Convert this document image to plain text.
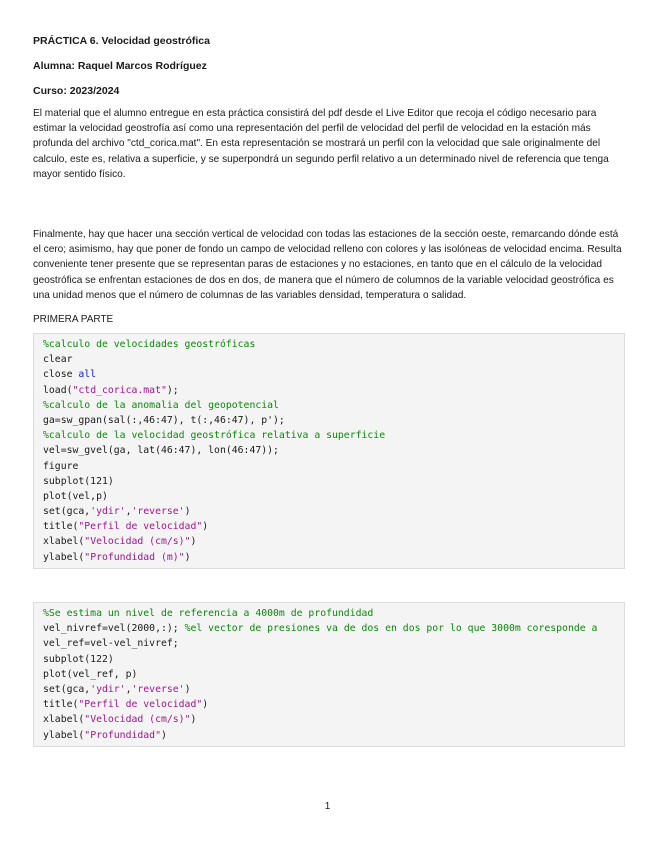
PRÁCTICA 6. Velocidad geostrófica
Alumna: Raquel Marcos Rodríguez
Curso: 2023/2024

El material que el alumno entregue en esta práctica consistirá del pdf desde el Live Editor que recoja el código necesario para estimar la velocidad geostrofía así como una representación del perfil de velocidad del perfil de velocidad en la estación más profunda del archivo "ctd_corica.mat". En esta representación se mostrará un perfil con la velocidad que sale originalmente del calculo, este es, relativa a superficie, y se superpondrá un segundo perfil relativo a un determinado nivel de referencia que tenga mayor sentido físico.

Finalmente, hay que hacer una sección vertical de velocidad con todas las estaciones de la sección oeste, remarcando dónde está el cero; asimismo, hay que poner de fondo un campo de velocidad relleno con colores y las isolóneas de velocidad encima. Resulta conveniente tener presente que se representan paras de estaciones y no estaciones, en tanto que en el cálculo de la velocidad geostrófica se enfrentan estaciones de dos en dos, de manera que el número de columnos de la variable velocidad geostrófica es una unidad menos que el número de columnas de las variables densidad, temperatura o salidad.

PRIMERA PARTE
%calculo de velocidades geostróficas
clear
close all
load("ctd_corica.mat");
%calculo de la anomalia del geopotencial
ga=sw_gpan(sal(:,46:47), t(:,46:47), p');
%calculo de la velocidad geostrófica relativa a superficie
vel=sw_gvel(ga, lat(46:47), lon(46:47));
figure
subplot(121)
plot(vel,p)
set(gca,'ydir','reverse')
title("Perfil de velocidad")
xlabel("Velocidad (cm/s)")
ylabel("Profundidad (m)")
%Se estima un nivel de referencia a 4000m de profundidad
vel_nivref=vel(2000,:); %el vector de presiones va de dos en dos por lo que 3000m coresponde a
vel_ref=vel-vel_nivref;
subplot(122)
plot(vel_ref, p)
set(gca,'ydir','reverse')
title("Perfil de velocidad")
xlabel("Velocidad (cm/s)")
ylabel("Profundidad")
1
